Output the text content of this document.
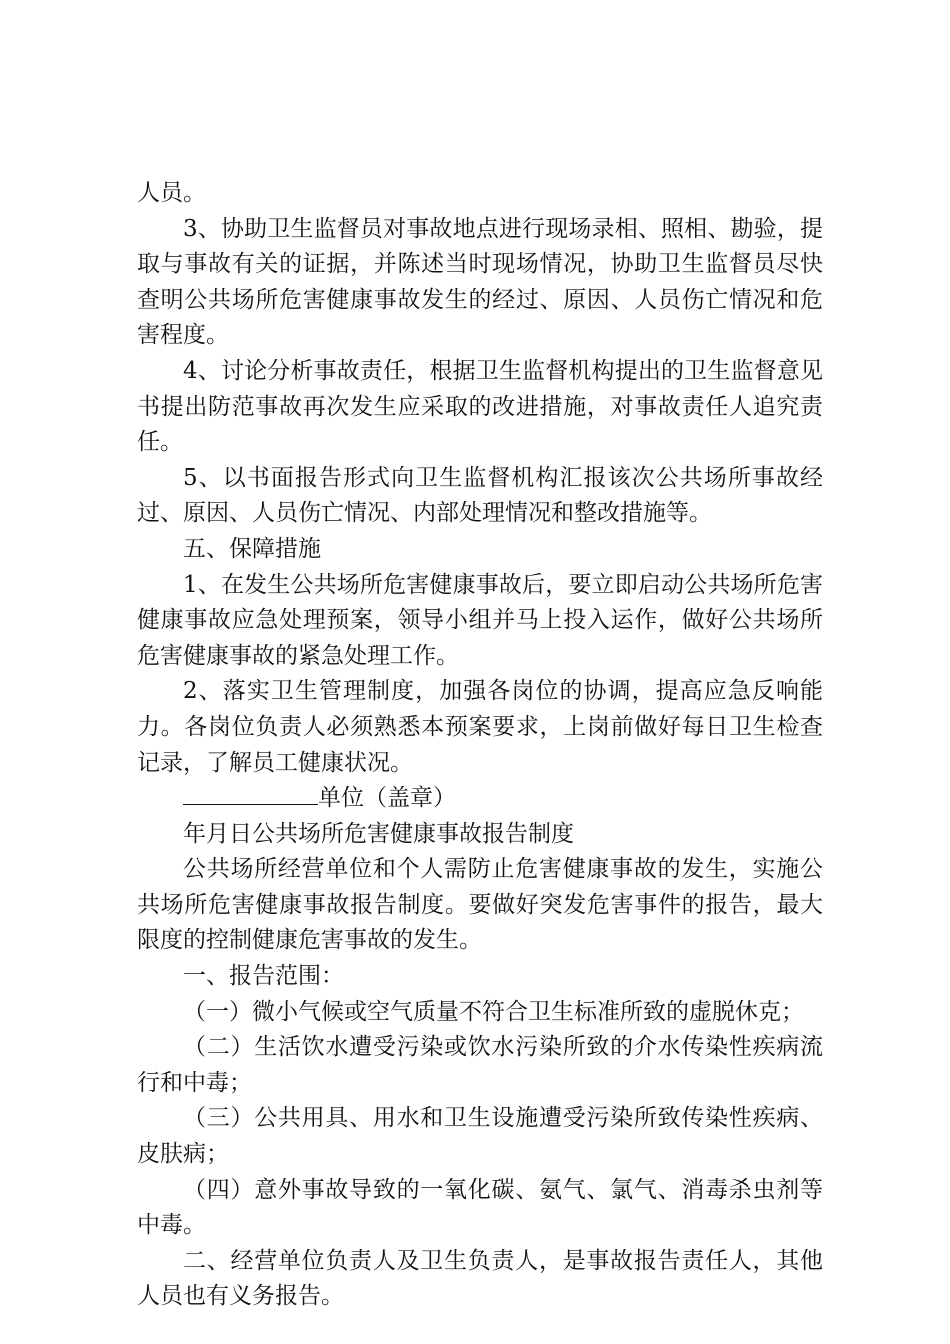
人员。

3、协助卫生监督员对事故地点进行现场录相、照相、勘验，提取与事故有关的证据，并陈述当时现场情况，协助卫生监督员尽快查明公共场所危害健康事故发生的经过、原因、人员伤亡情况和危害程度。

4、讨论分析事故责任，根据卫生监督机构提出的卫生监督意见书提出防范事故再次发生应采取的改进措施，对事故责任人追究责任。

5、以书面报告形式向卫生监督机构汇报该次公共场所事故经过、原因、人员伤亡情况、内部处理情况和整改措施等。

五、保障措施

1、在发生公共场所危害健康事故后，要立即启动公共场所危害健康事故应急处理预案，领导小组并马上投入运作，做好公共场所危害健康事故的紧急处理工作。

2、落实卫生管理制度，加强各岗位的协调，提高应急反响能力。各岗位负责人必须熟悉本预案要求，上岗前做好每日卫生检查记录，了解员工健康状况。

单位（盖章）

年月日公共场所危害健康事故报告制度

公共场所经营单位和个人需防止危害健康事故的发生，实施公共场所危害健康事故报告制度。要做好突发危害事件的报告，最大限度的控制健康危害事故的发生。

一、报告范围：

（一）微小气候或空气质量不符合卫生标准所致的虚脱休克；

（二）生活饮水遭受污染或饮水污染所致的介水传染性疾病流行和中毒；

（三）公共用具、用水和卫生设施遭受污染所致传染性疾病、皮肤病；

（四）意外事故导致的一氧化碳、氨气、氯气、消毒杀虫剂等中毒。

二、经营单位负责人及卫生负责人，是事故报告责任人，其他人员也有义务报告。
